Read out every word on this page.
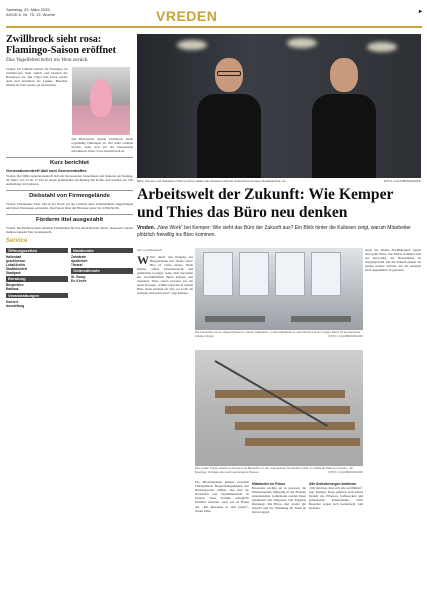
Samstag, 29. März 2025
AHOD 6, Nr. 75, 13. Woche	VREDEN	▸
Zwillbrock sieht rosa: Flamingo-Saison eröffnet
Das Vogelleben kehrt ins Venn zurück.
Vreden. Im Frühjahr kehren die Flamingos im Zwillbrocker Venn zurück und bereiten die Brutsaison vor. Die Vögel sind schon wieder aktiv und bevölkern die Lagune. Besucher können sie bald wieder gut beobachten.
Die Biologische Station Zwillbrock bietet regelmäßig Führungen an. Wer mehr erfahren möchte, kann sich auf der Internetseite informieren. Infos: www.bszwillbrock.de
Kurz berichtet
Generationentreff lädt zum Seniorenkaffee
Vreden. Der DRK-Generationentreff lädt alle interessierten Seniorinnen und Senioren am Sonntag, 30. März, von 15 bis 17 Uhr zu einem gemütlichen Nachmittag mit Kaffee und Kuchen ein. Um Anmeldung wird gebeten.
Diebstahl von Firmengelände
Vreden. Unbekannte Täter sind in der Nacht auf das Gelände eines Unternehmens eingedrungen und haben Werkzeuge entwendet. Die Polizei bittet um Hinweise unter Tel. 02561/92 60.
Förderm ittel ausgezahlt
Vreden. Die Heimatvereine erhielten Fördermittel für ihre ehrenamtliche Arbeit. Insgesamt wurden mehrere tausend Euro bereitgestellt.
Service
Öffnungszeiten
Hallenbad
geschlossen
Lokal/Archiv
Stadtbücherei
Stadtpark
Beratung
Bürgerbüro
Rathaus
Veranstaltungen
Konzert
Ausstellung
Notdienste
Zahnärzte
Apotheken
Tierarzt
Gottesdienste
St. Georg
Ev. Kirche
Björn Kemper und Sebastian Thies (rechts) stellen das Arbeitsmodell der Zukunft bei Kemper Akustiktechnik vor.	FOTO: LUCA BRANDHOFF
Arbeitswelt der Zukunft: Wie Kemper und Thies das Büro neu denken
Vreden. „New Work“ bei Kemper: Wie sieht das Büro der Zukunft aus? Ein Blick hinter die Kulissen zeigt, warum Mitarbeiter plötzlich freiwillig ins Büro kommen.
Von Luca Brandhoff
W Wer durch den Eingang des Bürogebäudes tritt, merkt sofort: Hier ist vieles anders. Helle Räume, offene Arbeitsbereiche und gemütliche Lounges laden zum Verweilen ein. Geschäftsführer Björn Kemper und Sebastian Thies setzen bewusst auf ein neues Konzept. „Früher saß jeder in seinem Büro, heute arbeiten wir dort, wo es für die Aufgabe am besten passt“, sagt Kemper.
Auch das Thema Nachhaltigkeit spielte eine große Rolle. Die Möbel stammen teils aus Recycling, die Beleuchtung ist energiesparend. Für die Zukunft planen die beiden weitere Schritte, um das Arbeiten noch angenehmer zu gestalten.
Der Fokusraum ist ein abgeschlossener, kleiner Glaskasten, in dem Mitarbeiter je nach Wunsch einen ruhigen Raum für konzentrierte Arbeiten finden.	FOTO: LUCA BRANDHOFF
Eine große Treppe erlaubt es Kemper und Besuchern in der sogenannten Tenstruktur mitten im Gebäude Platz zu nehmen – für Meetings, Vorträge oder auch gemeinsame Pausen.	FOTO: LUCA BRANDHOFF
Die Mitarbeitenden können zwischen Einzelplätzen, Besprechungsräumen und Rückzugsorten wählen. Das Ziel ist, Kreativität und Zusammenarbeit zu fördern. Neue Technik ermöglicht flexibles Arbeiten, auch von zu Hause aus. „Die Resonanz ist sehr positiv“, betont Thies.
Mitarbeiter im Fokus
Besonders wichtig sei es gewesen, die Mitarbeitenden frühzeitig in die Planung einzubeziehen. Gemeinsam wurden Ideen gesammelt und umgesetzt. Das Ergebnis überzeugt: Die Büros sind wieder gut besucht und die Stimmung im Team ist hervorragend.
Alle Anforderungen bedienen
„Wir möchten, dass sich alle wohlfühlen“, sagt Kemper. Dazu gehören auch kleine Details wie Pflanzen, Kaffeeecken und gemeinsame Pausenräume. Viele Besucher zeigen sich beeindruckt vom Konzept.
